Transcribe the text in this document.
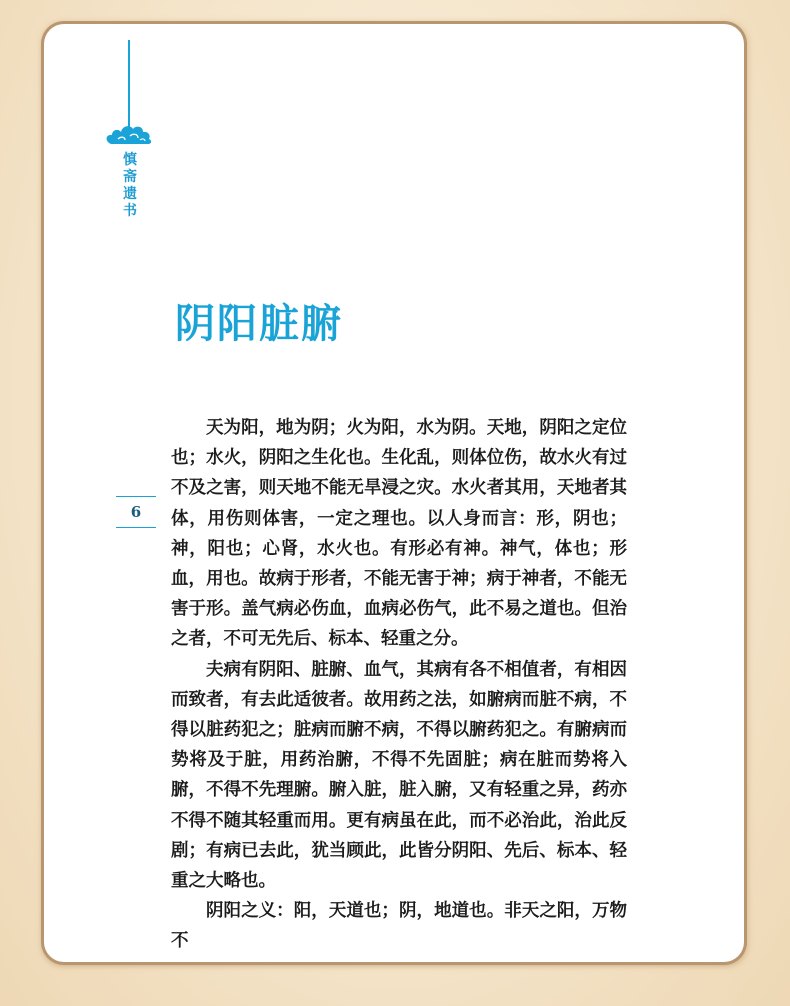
慎
斋
遗
书
阴阳脏腑
6

天为阳，地为阴；火为阳，水为阴。天地，阴阳之定位也；水火，阴阳之生化也。生化乱，则体位伤，故水火有过不及之害，则天地不能无旱浸之灾。水火者其用，天地者其体，用伤则体害，一定之理也。以人身而言：形，阴也；神，阳也；心肾，水火也。有形必有神。神气，体也；形血，用也。故病于形者，不能无害于神；病于神者，不能无害于形。盖气病必伤血，血病必伤气，此不易之道也。但治之者，不可无先后、标本、轻重之分。

夫病有阴阳、脏腑、血气，其病有各不相值者，有相因而致者，有去此适彼者。故用药之法，如腑病而脏不病，不得以脏药犯之；脏病而腑不病，不得以腑药犯之。有腑病而势将及于脏，用药治腑，不得不先固脏；病在脏而势将入腑，不得不先理腑。腑入脏，脏入腑，又有轻重之异，药亦不得不随其轻重而用。更有病虽在此，而不必治此，治此反剧；有病已去此，犹当顾此，此皆分阴阳、先后、标本、轻重之大略也。

阴阳之义：阳，天道也；阴，地道也。非天之阳，万物不
